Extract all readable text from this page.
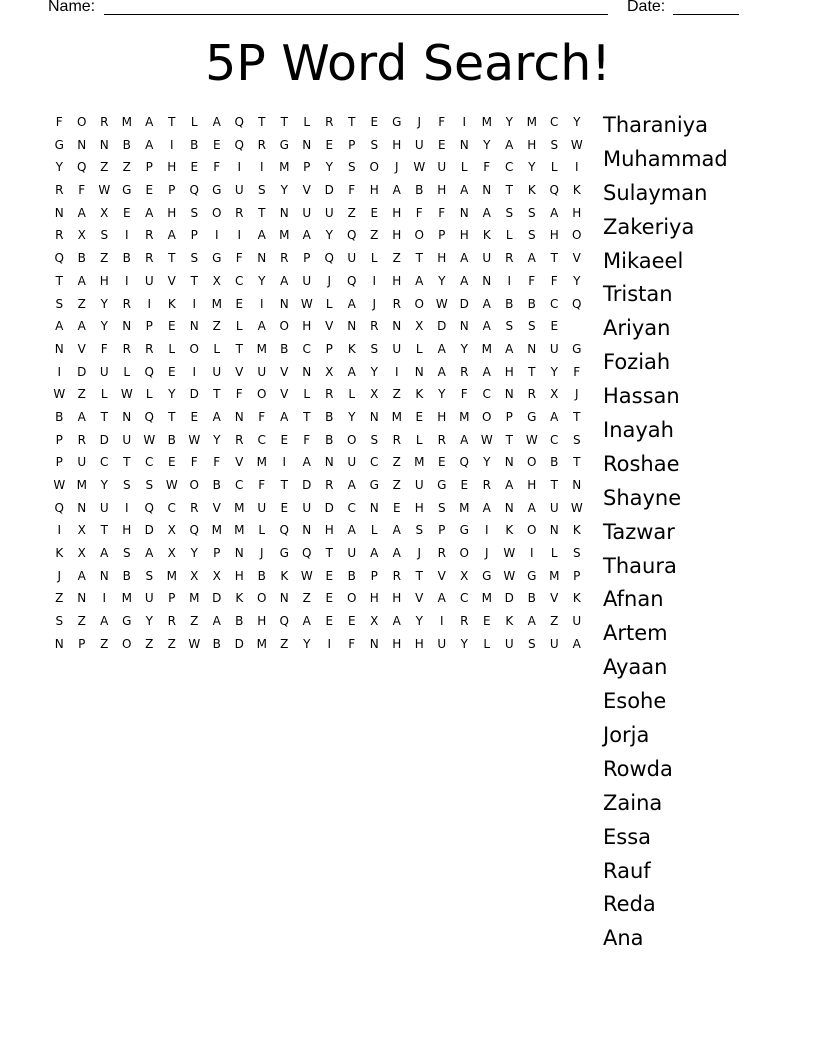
Name:

	Date:

5P Word Search!
F	O	R	M	A	T	L	A	Q	T	T	L	R	T	E	G	J	F	I	M	Y	M	C	Y
G	N	N	B	A	I	B	E	Q	R	G	N	E	P	S	H	U	E	N	Y	A	H	S	W
Y	Q	Z	Z	P	H	E	F	I	I	M	P	Y	S	O	J	W	U	L	F	C	Y	L	I
R	F	W G	E	P	Q	G	U	S	Y	V	D	F	H	A	B	H	A	N	T	K	Q	K
N	A	X	E	A	H	S	O	R	T	N	U	U	Z	E	H	F	F	N	A	S	S	A	H
R	X	S	I	R	A	P	I	I	A	M	A	Y	Q	Z	H	O	P	H	K	L	S	H	O
Q	B	Z	B	R	T	S	G	F	N	R	P	Q	U	L	Z	T	H	A	U	R	A	T	V
T	A	H	I	U	V	T	X	C	Y	A	U	J	Q	I	H	A	Y	A	N	I	F	F	Y
S	Z	Y	R	I	K	I	M	E	I	N	W	L	A	J	R	O W D	A	B	B	C	Q
A	A	Y	N	P	E	N	Z	L	A	O	H	V	N	R	N	X	D	N	A	S	S	E
N	V	F	R	R	L	O	L	T	M	B	C	P	K	S	U	L	A	Y	M	A	N	U	G
I	D	U	L	Q	E	I	U	V	U	V	N	X	A	Y	I	N	A	R	A	H	T	Y	F
W	Z	L	W	L	Y	D	T	F	O	V	L	R	L	X	Z	K	Y	F	C	N	R	X	J
B	A	T	N	Q	T	E	A	N	F	A	T	B	Y	N	M	E	H	M	O	P	G	A	T
P	R	D	U	W	B	W	Y	R	C	E	F	B	O	S	R	L	R	A	W	T	W	C	S
P	U	C	T	C	E	F	F	V	M	I	A	N	U	C	Z	M	E	Q	Y	N	O	B	T
W M	Y	S	S	W O	B	C	F	T	D	R	A	G	Z	U	G	E	R	A	H	T	N
Q	N	U	I	Q	C	R	V	M	U	E	U	D	C	N	E	H	S	M	A	N	A	U	W
I	X	T	H	D	X	Q	M	M	L	Q	N	H	A	L	A	S	P	G	I	K	O	N	K
K	X	A	S	A	X	Y	P	N	J	G	Q	T	U	A	A	J	R	O	J	W	I	L	S
J	A	N	B	S	M	X	X	H	B	K	W	E	B	P	R	T	V	X	G W G	M	P
Z	N	I	M	U	P	M	D	K	O	N	Z	E	O	H	H	V	A	C	M	D	B	V	K
S	Z	A	G	Y	R	Z	A	B	H	Q	A	E	E	X	A	Y	I	R	E	K	A	Z	U
N	P	Z	O	Z	Z	W	B	D	M	Z	Y	I	F	N	H	H	U	Y	L	U	S	U	A
Tharaniya
Muhammad
Sulayman
Zakeriya
Mikaeel
Tristan
Ariyan
Foziah
Hassan
Inayah
Roshae
Shayne
Tazwar
Thaura
Afnan
Artem
Ayaan
Esohe
Jorja
Rowda
Zaina
Essa
Rauf
Reda
Ana
